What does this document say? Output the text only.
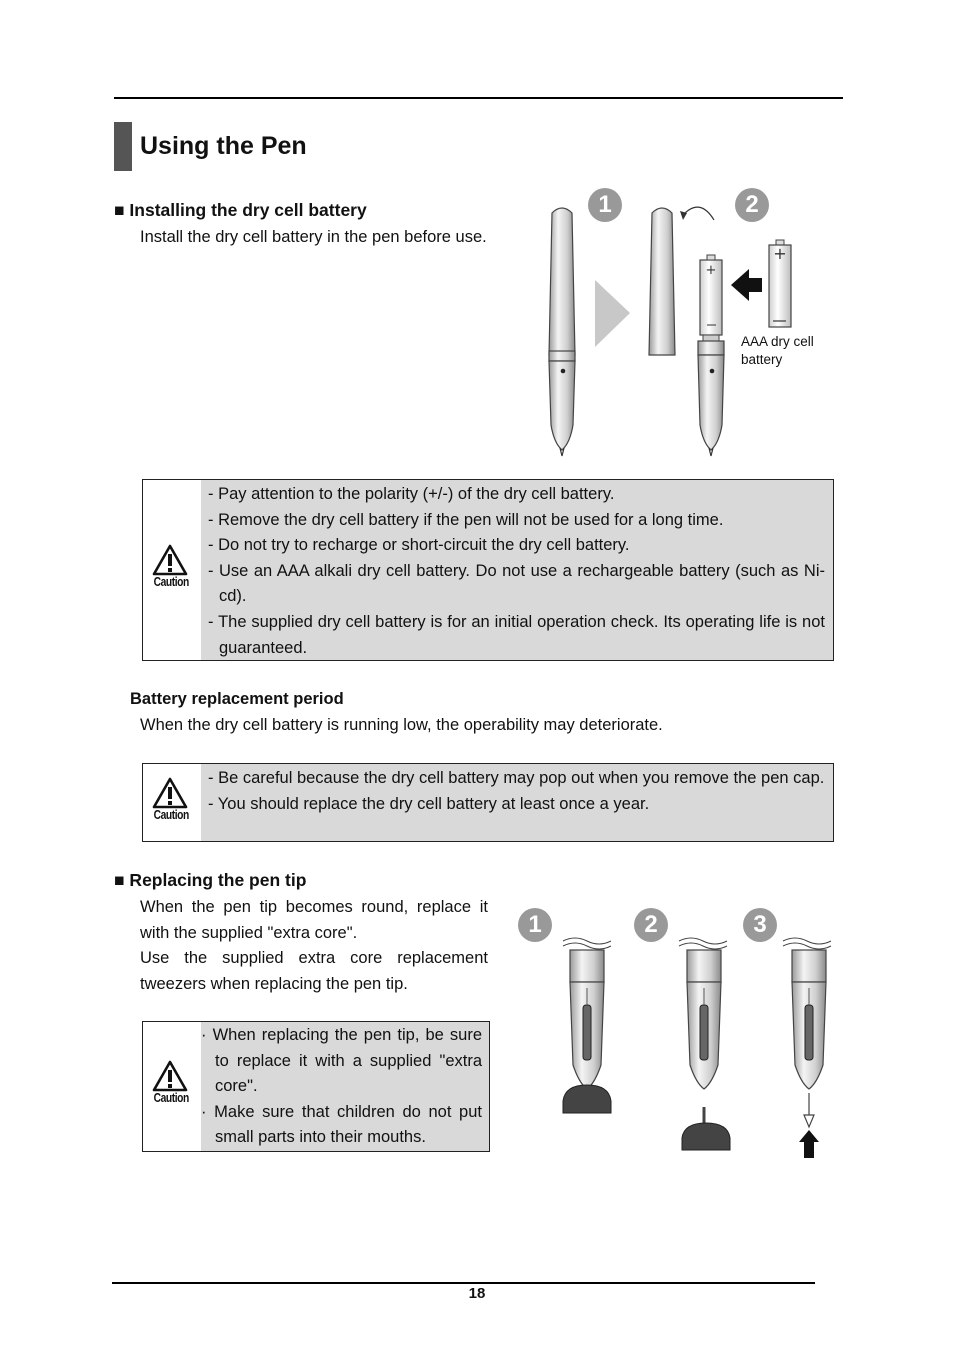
Using the Pen
■ Installing the dry cell battery
Install the dry cell battery in the pen before use.
+
+
1	2
AAA dry cell
battery
Caution
- Pay attention to the polarity (+/-) of the dry cell battery.
- Remove the dry cell battery if the pen will not be used for a long time.
- Do not try to recharge or short-circuit the dry cell battery.
- Use an AAA alkali dry cell battery. Do not use a rechargeable battery (such as Ni-cd).
- The supplied dry cell battery is for an initial operation check. Its operating life is not guaranteed.
Battery replacement period
When the dry cell battery is running low, the operability may deteriorate.
Caution
- Be careful because the dry cell battery may pop out when you remove the pen cap.
- You should replace the dry cell battery at least once a year.
■ Replacing the pen tip
When the pen tip becomes round, replace it with the supplied "extra core".
Use the supplied extra core replacement tweezers when replacing the pen tip.
Caution
· When replacing the pen tip, be sure to replace it with a supplied "extra core".
· Make sure that children do not put small parts into their mouths.
1	2	3
18
